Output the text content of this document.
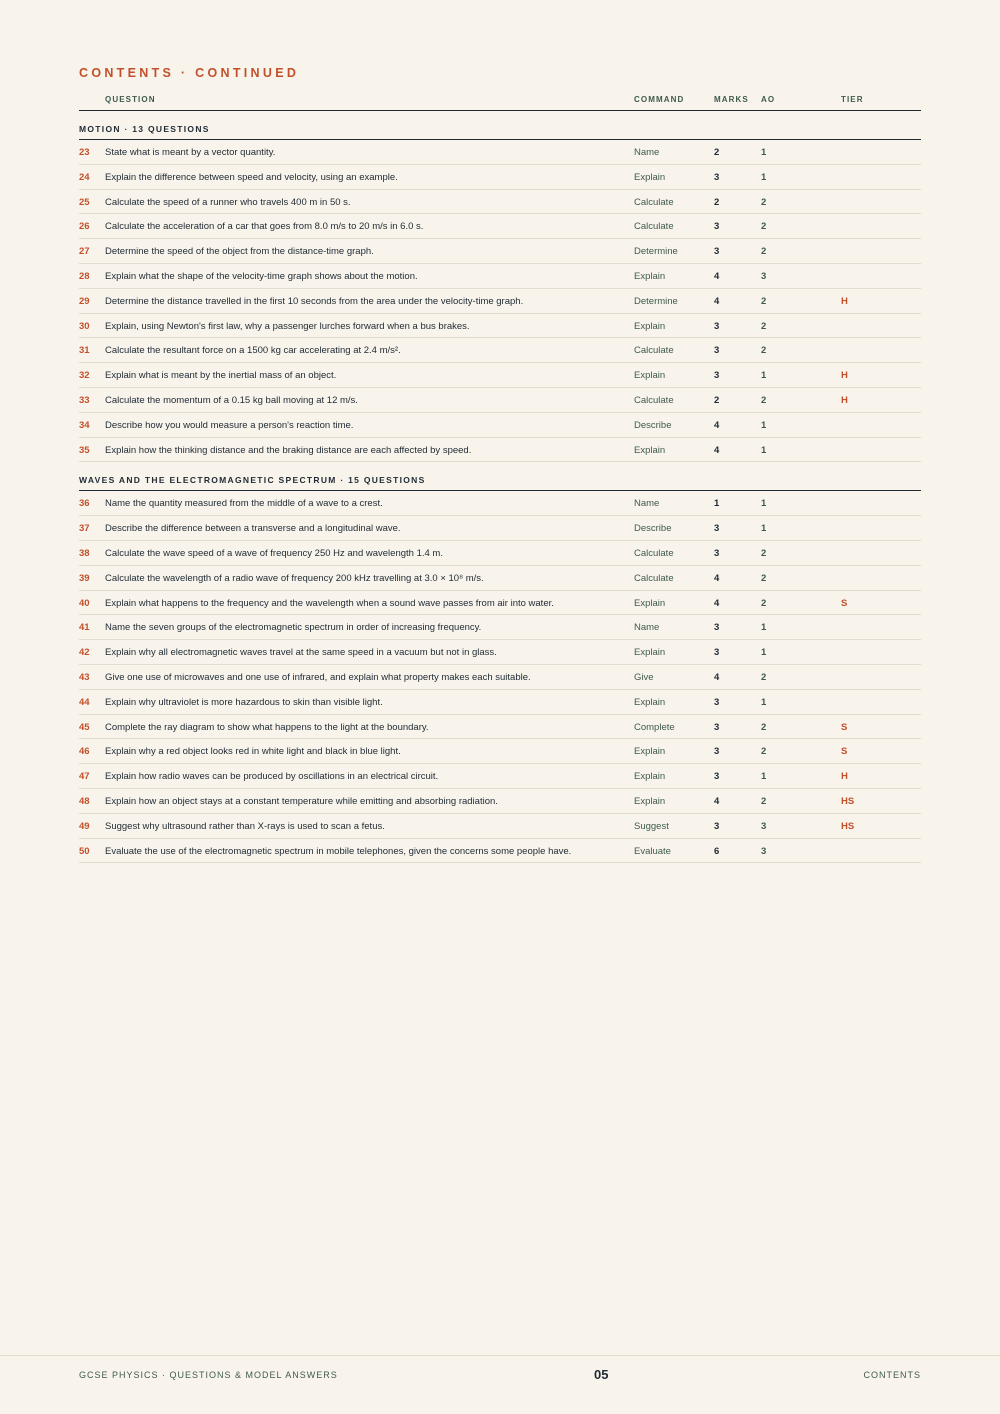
CONTENTS · CONTINUED
QUESTION	COMMAND	MARKS AO	TIER
MOTION · 13 QUESTIONS
23 State what is meant by a vector quantity.	Name	2	1
24 Explain the difference between speed and velocity, using an example.	Explain	3	1
25 Calculate the speed of a runner who travels 400 m in 50 s.	Calculate	2	2
26 Calculate the acceleration of a car that goes from 8.0 m/s to 20 m/s in 6.0 s.	Calculate	3	2
27 Determine the speed of the object from the distance-time graph.	Determine	3	2
28 Explain what the shape of the velocity-time graph shows about the motion.	Explain	4	3
29 Determine the distance travelled in the first 10 seconds from the area under the velocity-time graph.	Determine	4	2	H
30 Explain, using Newton's first law, why a passenger lurches forward when a bus brakes.	Explain	3	2
31 Calculate the resultant force on a 1500 kg car accelerating at 2.4 m/s².	Calculate	3	2
32 Explain what is meant by the inertial mass of an object.	Explain	3	1	H
33 Calculate the momentum of a 0.15 kg ball moving at 12 m/s.	Calculate	2	2	H
34 Describe how you would measure a person's reaction time.	Describe	4	1
35 Explain how the thinking distance and the braking distance are each affected by speed.	Explain	4	1
WAVES AND THE ELECTROMAGNETIC SPECTRUM · 15 QUESTIONS
36 Name the quantity measured from the middle of a wave to a crest.	Name	1	1
37 Describe the difference between a transverse and a longitudinal wave.	Describe	3	1
38 Calculate the wave speed of a wave of frequency 250 Hz and wavelength 1.4 m.	Calculate	3	2
39 Calculate the wavelength of a radio wave of frequency 200 kHz travelling at 3.0 × 10⁸ m/s.	Calculate	4	2
40 Explain what happens to the frequency and the wavelength when a sound wave passes from air into water.	Explain	4	2	S
41 Name the seven groups of the electromagnetic spectrum in order of increasing frequency.	Name	3	1
42 Explain why all electromagnetic waves travel at the same speed in a vacuum but not in glass.	Explain	3	1
43 Give one use of microwaves and one use of infrared, and explain what property makes each suitable.	Give	4	2
44 Explain why ultraviolet is more hazardous to skin than visible light.	Explain	3	1
45 Complete the ray diagram to show what happens to the light at the boundary.	Complete	3	2	S
46 Explain why a red object looks red in white light and black in blue light.	Explain	3	2	S
47 Explain how radio waves can be produced by oscillations in an electrical circuit.	Explain	3	1	H
48 Explain how an object stays at a constant temperature while emitting and absorbing radiation.	Explain	4	2	HS
49 Suggest why ultrasound rather than X-rays is used to scan a fetus.	Suggest	3	3	HS
50 Evaluate the use of the electromagnetic spectrum in mobile telephones, given the concerns some people have.	Evaluate	6	3
GCSE PHYSICS · QUESTIONS & MODEL ANSWERS	05	CONTENTS
